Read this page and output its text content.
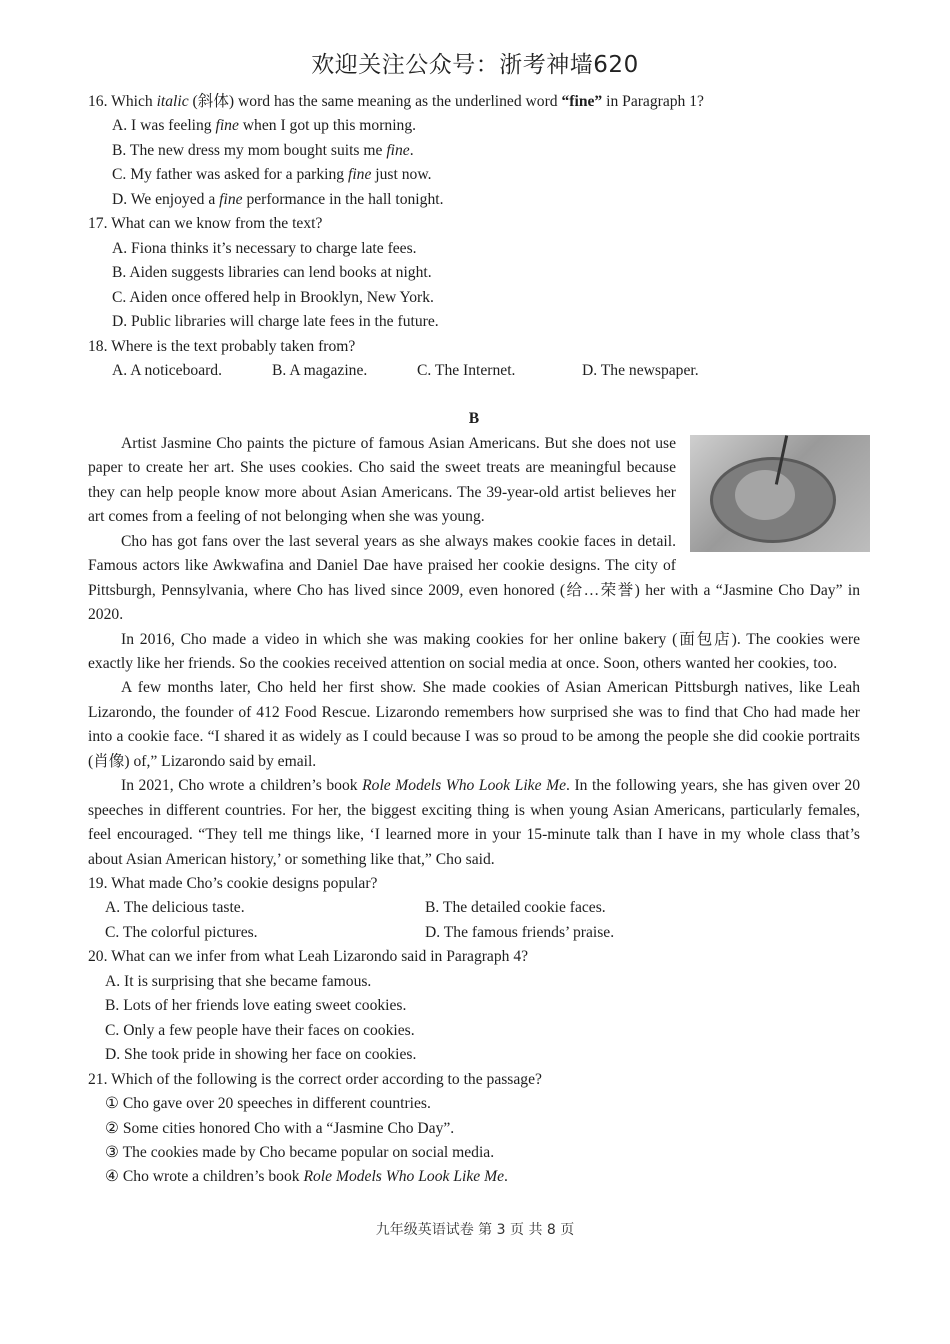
欢迎关注公众号：浙考神墙620
16. Which italic (斜体) word has the same meaning as the underlined word “fine” in Paragraph 1?
A. I was feeling fine when I got up this morning.
B. The new dress my mom bought suits me fine.
C. My father was asked for a parking fine just now.
D. We enjoyed a fine performance in the hall tonight.
17. What can we know from the text?
A. Fiona thinks it’s necessary to charge late fees.
B. Aiden suggests libraries can lend books at night.
C. Aiden once offered help in Brooklyn, New York.
D. Public libraries will charge late fees in the future.
18. Where is the text probably taken from?
A. A noticeboard.	B. A magazine.	C. The Internet.	D. The newspaper.
B

Artist Jasmine Cho paints the picture of famous Asian Americans. But she does not use paper to create her art. She uses cookies. Cho said the sweet treats are meaningful because they can help people know more about Asian Americans. The 39-year-old artist believes her art comes from a feeling of not belonging when she was young.

Cho has got fans over the last several years as she always makes cookie faces in detail. Famous actors like Awkwafina and Daniel Dae have praised her cookie designs. The city of Pittsburgh, Pennsylvania, where Cho has lived since 2009, even honored (给…荣誉) her with a “Jasmine Cho Day” in 2020.

In 2016, Cho made a video in which she was making cookies for her online bakery (面包店). The cookies were exactly like her friends. So the cookies received attention on social media at once. Soon, others wanted her cookies, too.

A few months later, Cho held her first show. She made cookies of Asian American Pittsburgh natives, like Leah Lizarondo, the founder of 412 Food Rescue. Lizarondo remembers how surprised she was to find that Cho had made her into a cookie face. “I shared it as widely as I could because I was so proud to be among the people she did cookie portraits (肖像) of,” Lizarondo said by email.

In 2021, Cho wrote a children’s book Role Models Who Look Like Me. In the following years, she has given over 20 speeches in different countries. For her, the biggest exciting thing is when young Asian Americans, particularly females, feel encouraged. “They tell me things like, ‘I learned more in your 15-minute talk than I have in my whole class that’s about Asian American history,’ or something like that,” Cho said.

19. What made Cho’s cookie designs popular?
A. The delicious taste.	B. The detailed cookie faces.
C. The colorful pictures.	D. The famous friends’ praise.
20. What can we infer from what Leah Lizarondo said in Paragraph 4?
A. It is surprising that she became famous.
B. Lots of her friends love eating sweet cookies.
C. Only a few people have their faces on cookies.
D. She took pride in showing her face on cookies.
21. Which of the following is the correct order according to the passage?
① Cho gave over 20 speeches in different countries.
② Some cities honored Cho with a “Jasmine Cho Day”.
③ The cookies made by Cho became popular on social media.
④ Cho wrote a children’s book Role Models Who Look Like Me.
九年级英语试卷 第 3 页 共 8 页
